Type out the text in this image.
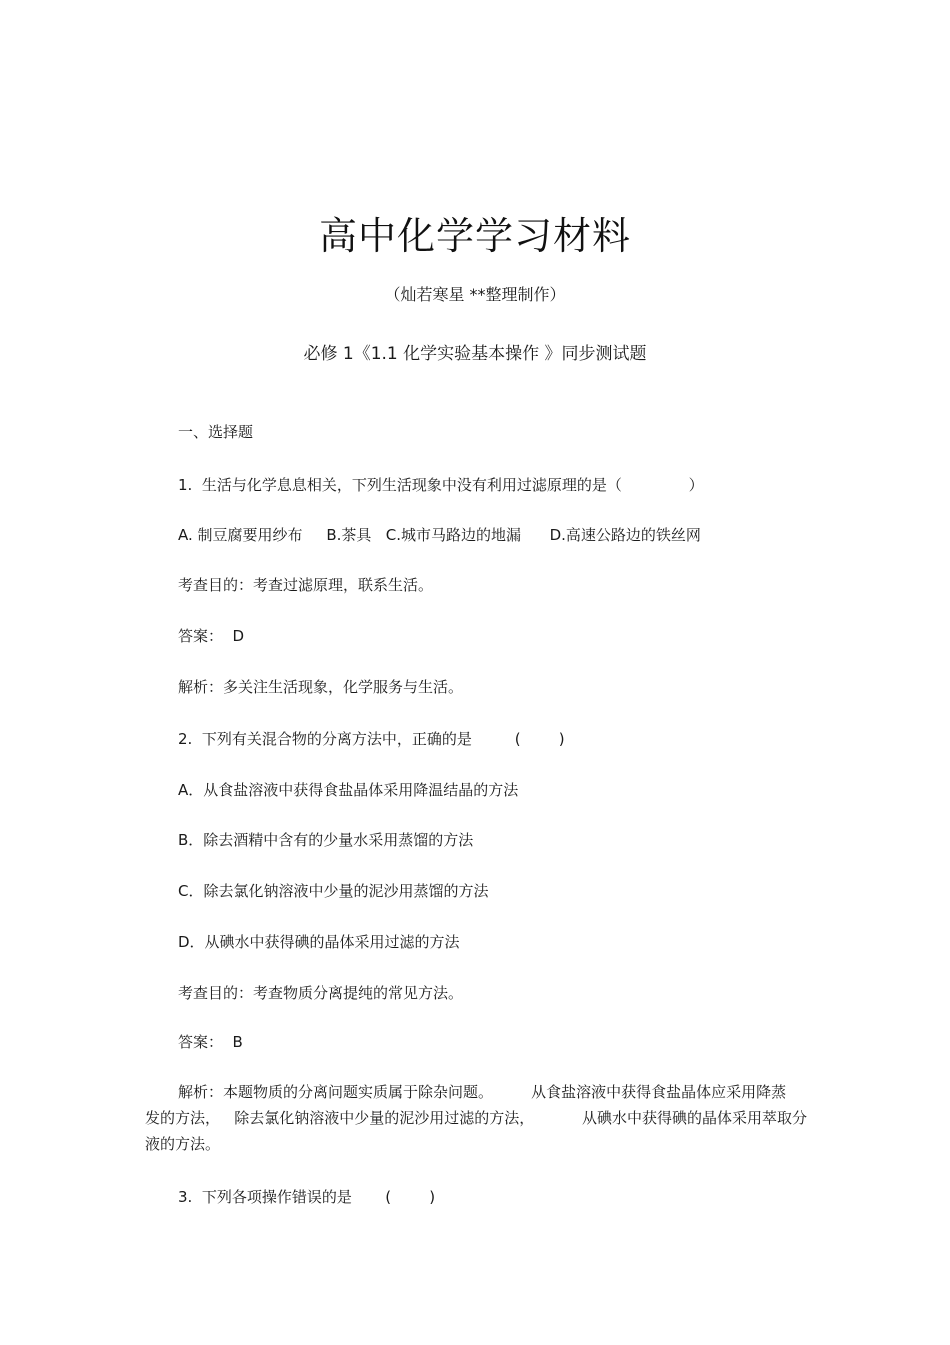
高中化学学习材料
（灿若寒星 **整理制作）
必修 1《1.1 化学实验基本操作 》同步测试题
一、选择题
1.  生活与化学息息相关，下列生活现象中没有利用过滤原理的是（              ）
A. 制豆腐要用纱布     B.茶具   C.城市马路边的地漏      D.高速公路边的铁丝网
考查目的：考查过滤原理，联系生活。
答案：  D
解析：多关注生活现象，化学服务与生活。
2.  下列有关混合物的分离方法中，正确的是         (        )
A．从食盐溶液中获得食盐晶体采用降温结晶的方法
B．除去酒精中含有的少量水采用蒸馏的方法
C．除去氯化钠溶液中少量的泥沙用蒸馏的方法
D．从碘水中获得碘的晶体采用过滤的方法
考查目的：考查物质分离提纯的常见方法。
答案：  B
解析：本题物质的分离问题实质属于除杂问题。        从食盐溶液中获得食盐晶体应采用降蒸
发的方法，   除去氯化钠溶液中少量的泥沙用过滤的方法，          从碘水中获得碘的晶体采用萃取分
液的方法。
3.  下列各项操作错误的是       (        )
